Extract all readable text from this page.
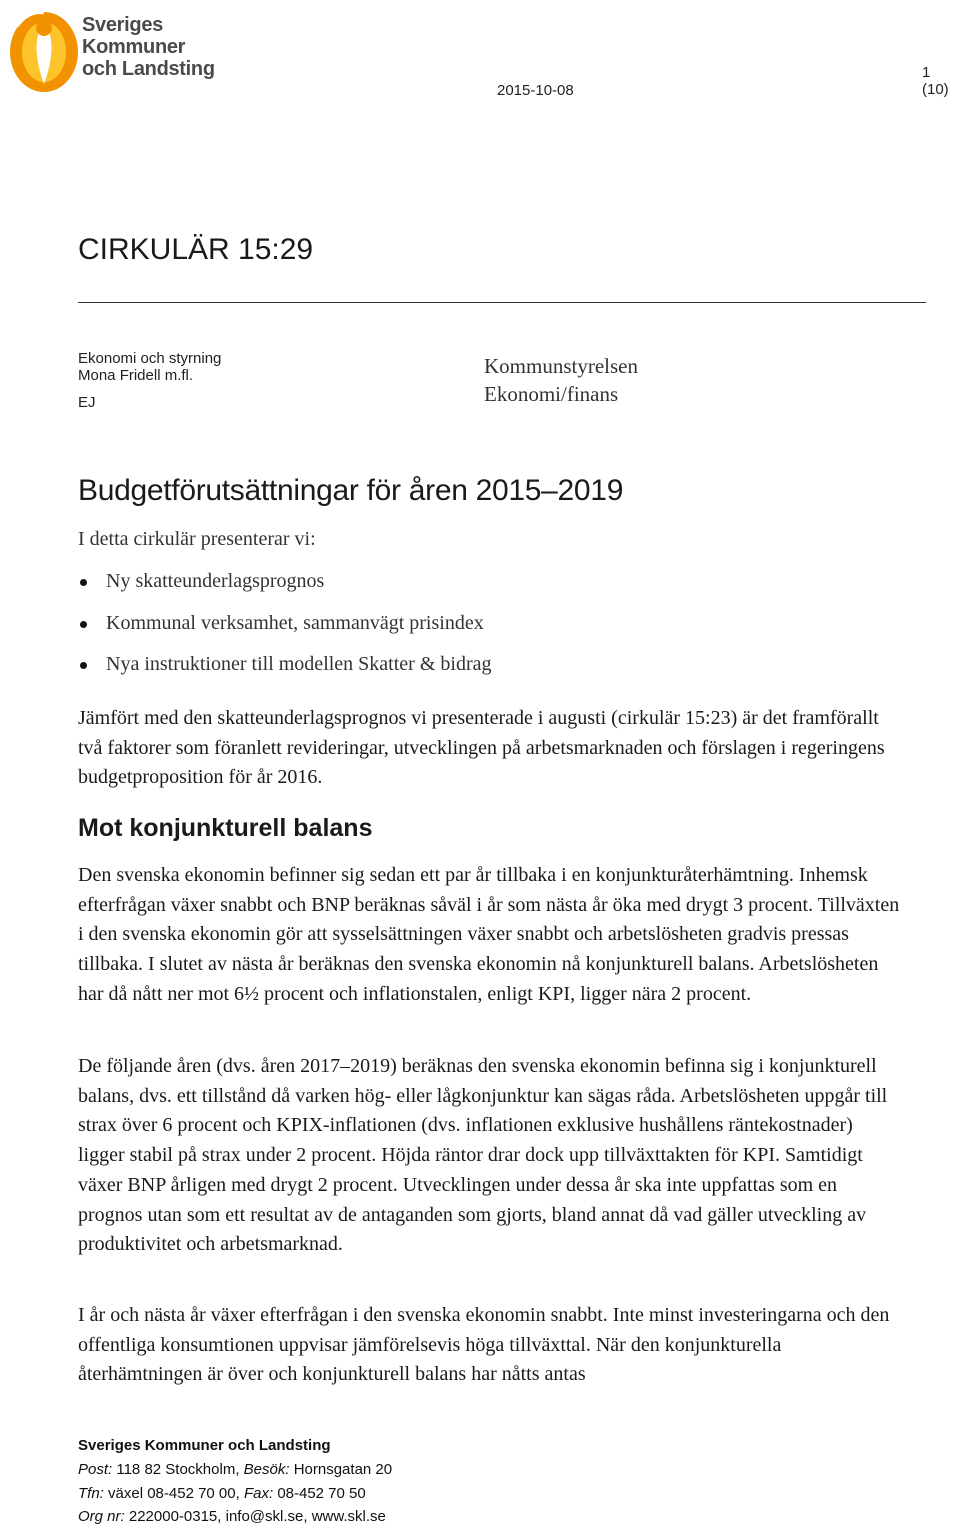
Sveriges
Kommuner
och Landsting
2015-10-08
1 (10)
CIRKULÄR 15:29
Ekonomi och styrning
Mona Fridell m.fl.
EJ
Kommunstyrelsen
Ekonomi/finans
Budgetförutsättningar för åren 2015–2019
I detta cirkulär presenterar vi:
Ny skatteunderlagsprognos
Kommunal verksamhet, sammanvägt prisindex
Nya instruktioner till modellen Skatter & bidrag

Jämfört med den skatteunderlagsprognos vi presenterade i augusti (cirkulär 15:23) är det framförallt två faktorer som föranlett revideringar, utvecklingen på arbetsmarknaden och förslagen i regeringens budgetproposition för år 2016.

Mot konjunkturell balans

Den svenska ekonomin befinner sig sedan ett par år tillbaka i en konjunkturåterhämtning. Inhemsk efterfrågan växer snabbt och BNP beräknas såväl i år som nästa år öka med drygt 3 procent. Tillväxten i den svenska ekonomin gör att sysselsättningen växer snabbt och arbetslösheten gradvis pressas tillbaka. I slutet av nästa år beräknas den svenska ekonomin nå konjunkturell balans. Arbetslösheten har då nått ner mot 6½ procent och inflationstalen, enligt KPI, ligger nära 2 procent.

De följande åren (dvs. åren 2017–2019) beräknas den svenska ekonomin befinna sig i konjunkturell balans, dvs. ett tillstånd då varken hög- eller lågkonjunktur kan sägas råda. Arbetslösheten uppgår till strax över 6 procent och KPIX-inflationen (dvs. inflationen exklusive hushållens räntekostnader) ligger stabil på strax under 2 procent. Höjda räntor drar dock upp tillväxttakten för KPI. Samtidigt växer BNP årligen med drygt 2 procent. Utvecklingen under dessa år ska inte uppfattas som en prognos utan som ett resultat av de antaganden som gjorts, bland annat då vad gäller utveckling av produktivitet och arbetsmarknad.

I år och nästa år växer efterfrågan i den svenska ekonomin snabbt. Inte minst investeringarna och den offentliga konsumtionen uppvisar jämförelsevis höga tillväxttal. När den konjunkturella återhämtningen är över och konjunkturell balans har nåtts antas

Sveriges Kommuner och Landsting
Post: 118 82 Stockholm, Besök: Hornsgatan 20
Tfn: växel 08-452 70 00, Fax: 08-452 70 50
Org nr: 222000-0315, info@skl.se, www.skl.se
